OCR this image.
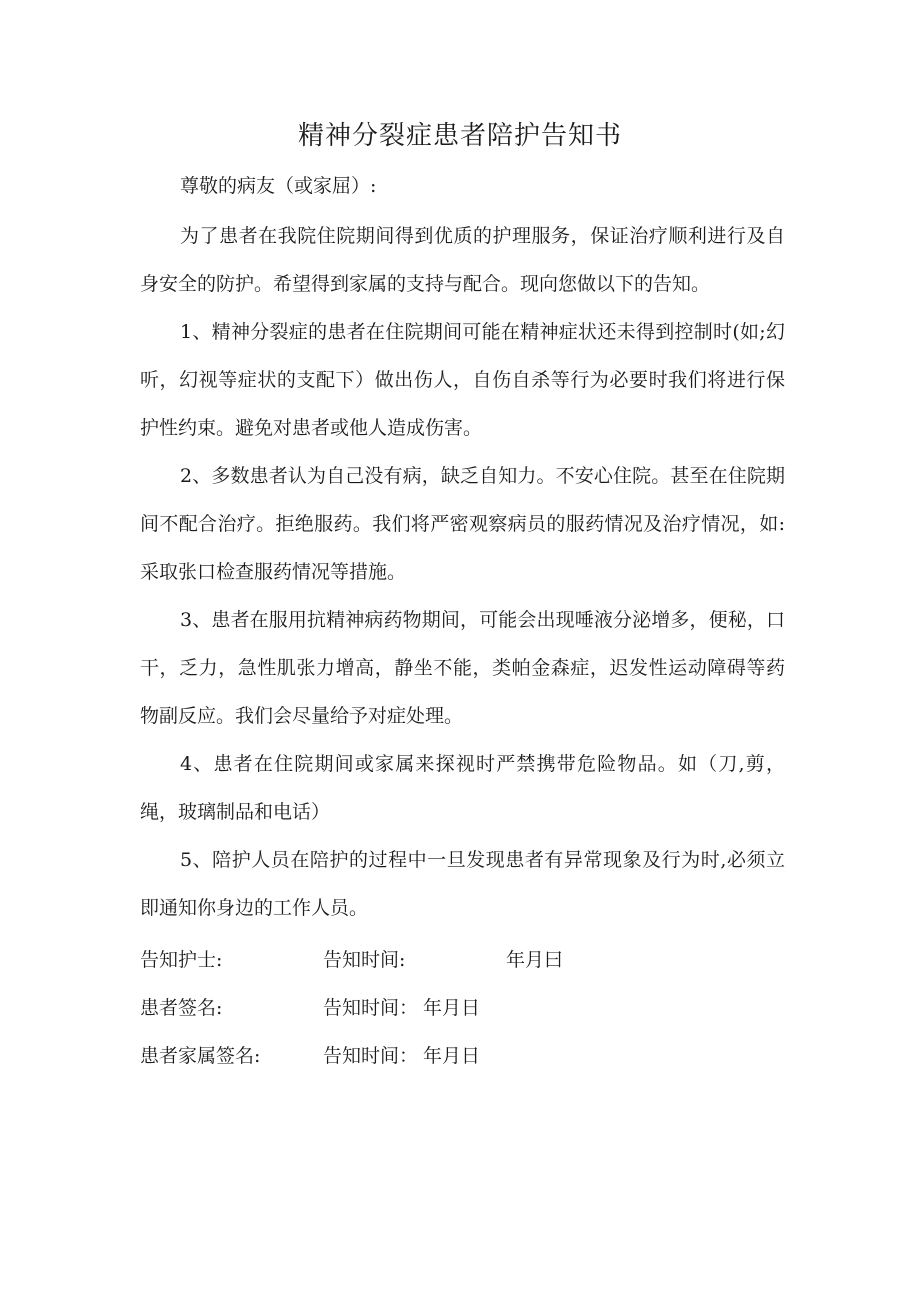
精神分裂症患者陪护告知书
尊敬的病友（或家屈）:
为了患者在我院住院期间得到优质的护理服务，保证治疗顺利进行及自身安全的防护。希望得到家属的支持与配合。现向您做以下的告知。
1、精神分裂症的患者在住院期间可能在精神症状还未得到控制时(如;幻听，幻视等症状的支配下）做出伤人，自伤自杀等行为必要时我们将进行保护性约束。避免对患者或他人造成伤害。
2、多数患者认为自己没有病，缺乏自知力。不安心住院。甚至在住院期间不配合治疗。拒绝服药。我们将严密观察病员的服药情况及治疗情况，如:采取张口检查服药情况等措施。
3、患者在服用抗精神病药物期间，可能会出现唾液分泌增多，便秘，口干，乏力，急性肌张力增高，静坐不能，类帕金森症，迟发性运动障碍等药物副反应。我们会尽量给予对症处理。
4、患者在住院期间或家属来探视时严禁携带危险物品。如（刀,剪，绳，玻璃制品和电话）
5、陪护人员在陪护的过程中一旦发现患者有异常现象及行为时,必须立即通知你身边的工作人员。
告知护士:	告知时间:	年月曰
患者签名:	告知时间： 年月日
患者家属签名:	告知时间： 年月日
